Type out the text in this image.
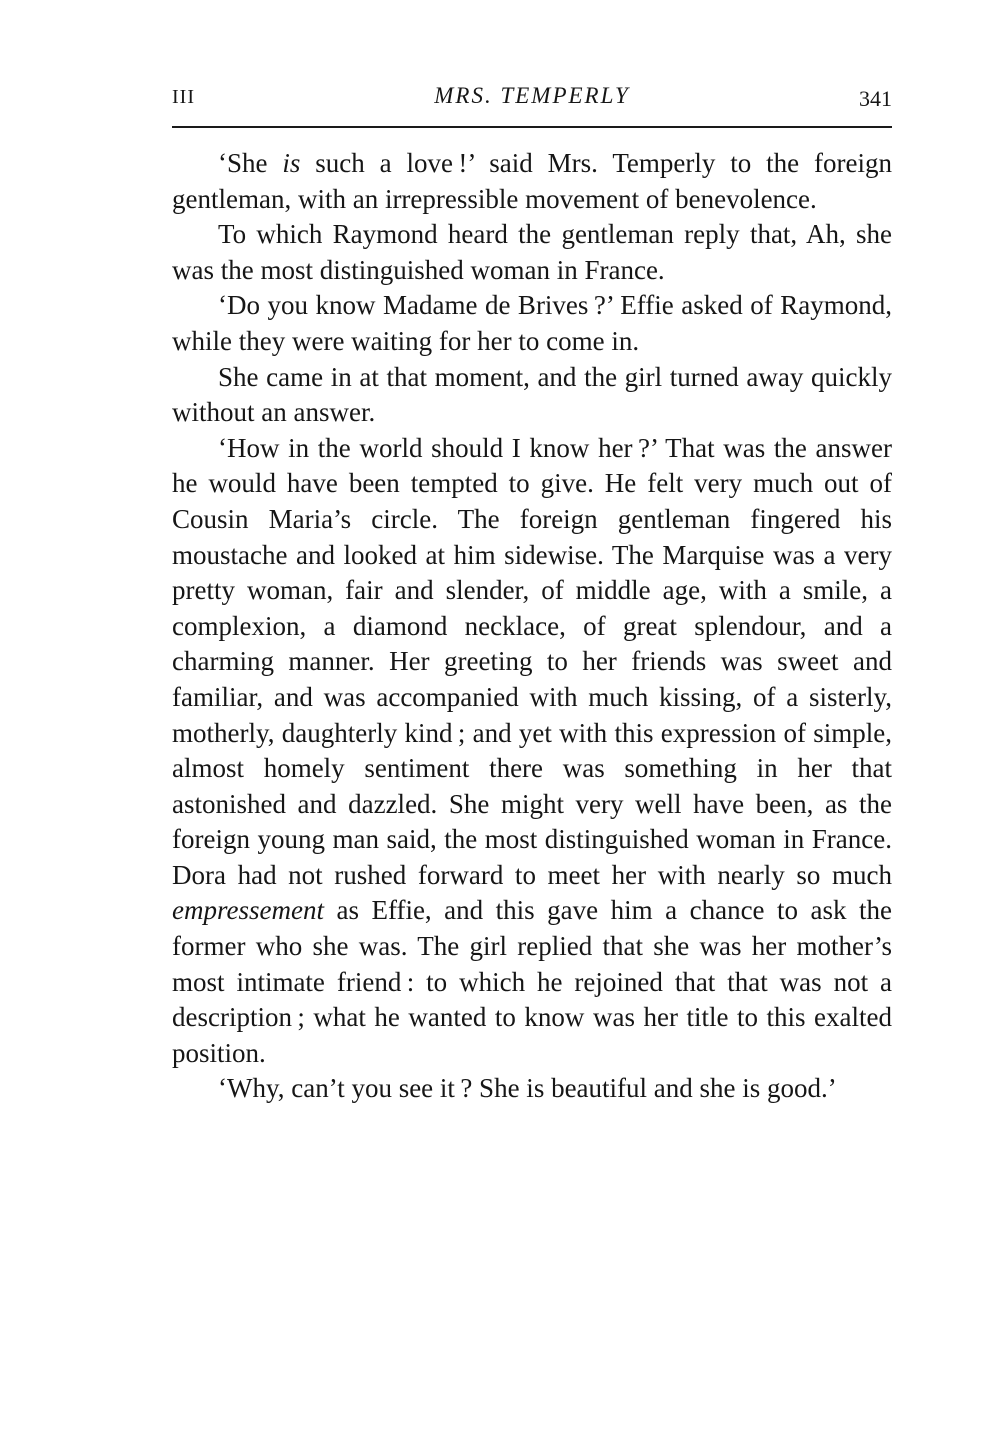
III	MRS. TEMPERLY	341

‘She is such a love !’ said Mrs. Temperly to the foreign gentleman, with an irrepressible movement of benevolence.

To which Raymond heard the gentleman reply that, Ah, she was the most distinguished woman in France.

‘Do you know Madame de Brives ?’ Effie asked of Raymond, while they were waiting for her to come in.

She came in at that moment, and the girl turned away quickly without an answer.

‘How in the world should I know her ?’ That was the answer he would have been tempted to give. He felt very much out of Cousin Maria’s circle. The foreign gentleman fingered his moustache and looked at him sidewise. The Marquise was a very pretty woman, fair and slender, of middle age, with a smile, a complexion, a diamond necklace, of great splendour, and a charming manner. Her greeting to her friends was sweet and familiar, and was accompanied with much kissing, of a sisterly, motherly, daughterly kind ; and yet with this expression of simple, almost homely sentiment there was something in her that astonished and dazzled. She might very well have been, as the foreign young man said, the most distinguished woman in France. Dora had not rushed forward to meet her with nearly so much empressement as Effie, and this gave him a chance to ask the former who she was. The girl replied that she was her mother’s most intimate friend : to which he rejoined that that was not a description ; what he wanted to know was her title to this exalted position.

‘Why, can’t you see it ? She is beautiful and she is good.’
